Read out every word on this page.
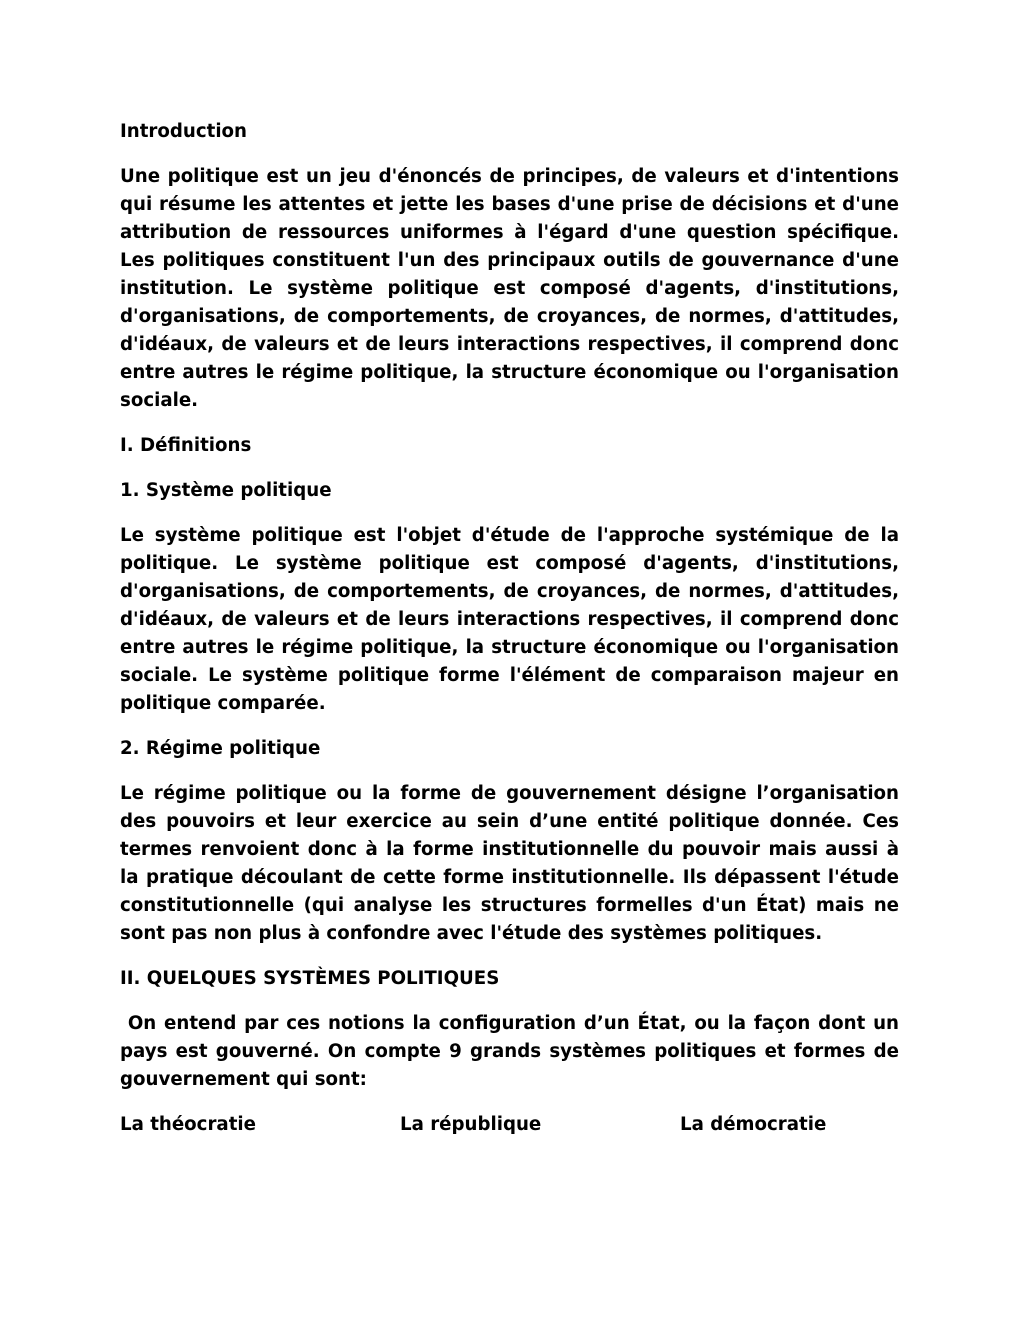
Introduction

Une politique est un jeu d'énoncés de principes, de valeurs et d'intentions qui résume les attentes et jette les bases d'une prise de décisions et d'une attribution de ressources uniformes à l'égard d'une question spécifique. Les politiques constituent l'un des principaux outils de gouvernance d'une institution. Le système politique est composé d'agents, d'institutions, d'organisations, de comportements, de croyances, de normes, d'attitudes, d'idéaux, de valeurs et de leurs interactions respectives, il comprend donc entre autres le régime politique, la structure économique ou l'organisation sociale.

I. Définitions
1. Système politique

Le système politique est l'objet d'étude de l'approche systémique de la politique. Le système politique est composé d'agents, d'institutions, d'organisations, de comportements, de croyances, de normes, d'attitudes, d'idéaux, de valeurs et de leurs interactions respectives, il comprend donc entre autres le régime politique, la structure économique ou l'organisation sociale. Le système politique forme l'élément de comparaison majeur en politique comparée.

2. Régime politique

Le régime politique ou la forme de gouvernement désigne l’organisation des pouvoirs et leur exercice au sein d’une entité politique donnée. Ces termes renvoient donc à la forme institutionnelle du pouvoir mais aussi à la pratique découlant de cette forme institutionnelle. Ils dépassent l'étude constitutionnelle (qui analyse les structures formelles d'un État) mais ne sont pas non plus à confondre avec l'étude des systèmes politiques.

II. QUELQUES SYSTÈMES POLITIQUES

On entend par ces notions la configuration d’un État, ou la façon dont un pays est gouverné. On compte 9 grands systèmes politiques et formes de gouvernement qui sont:

La théocratie	La république	La démocratie
